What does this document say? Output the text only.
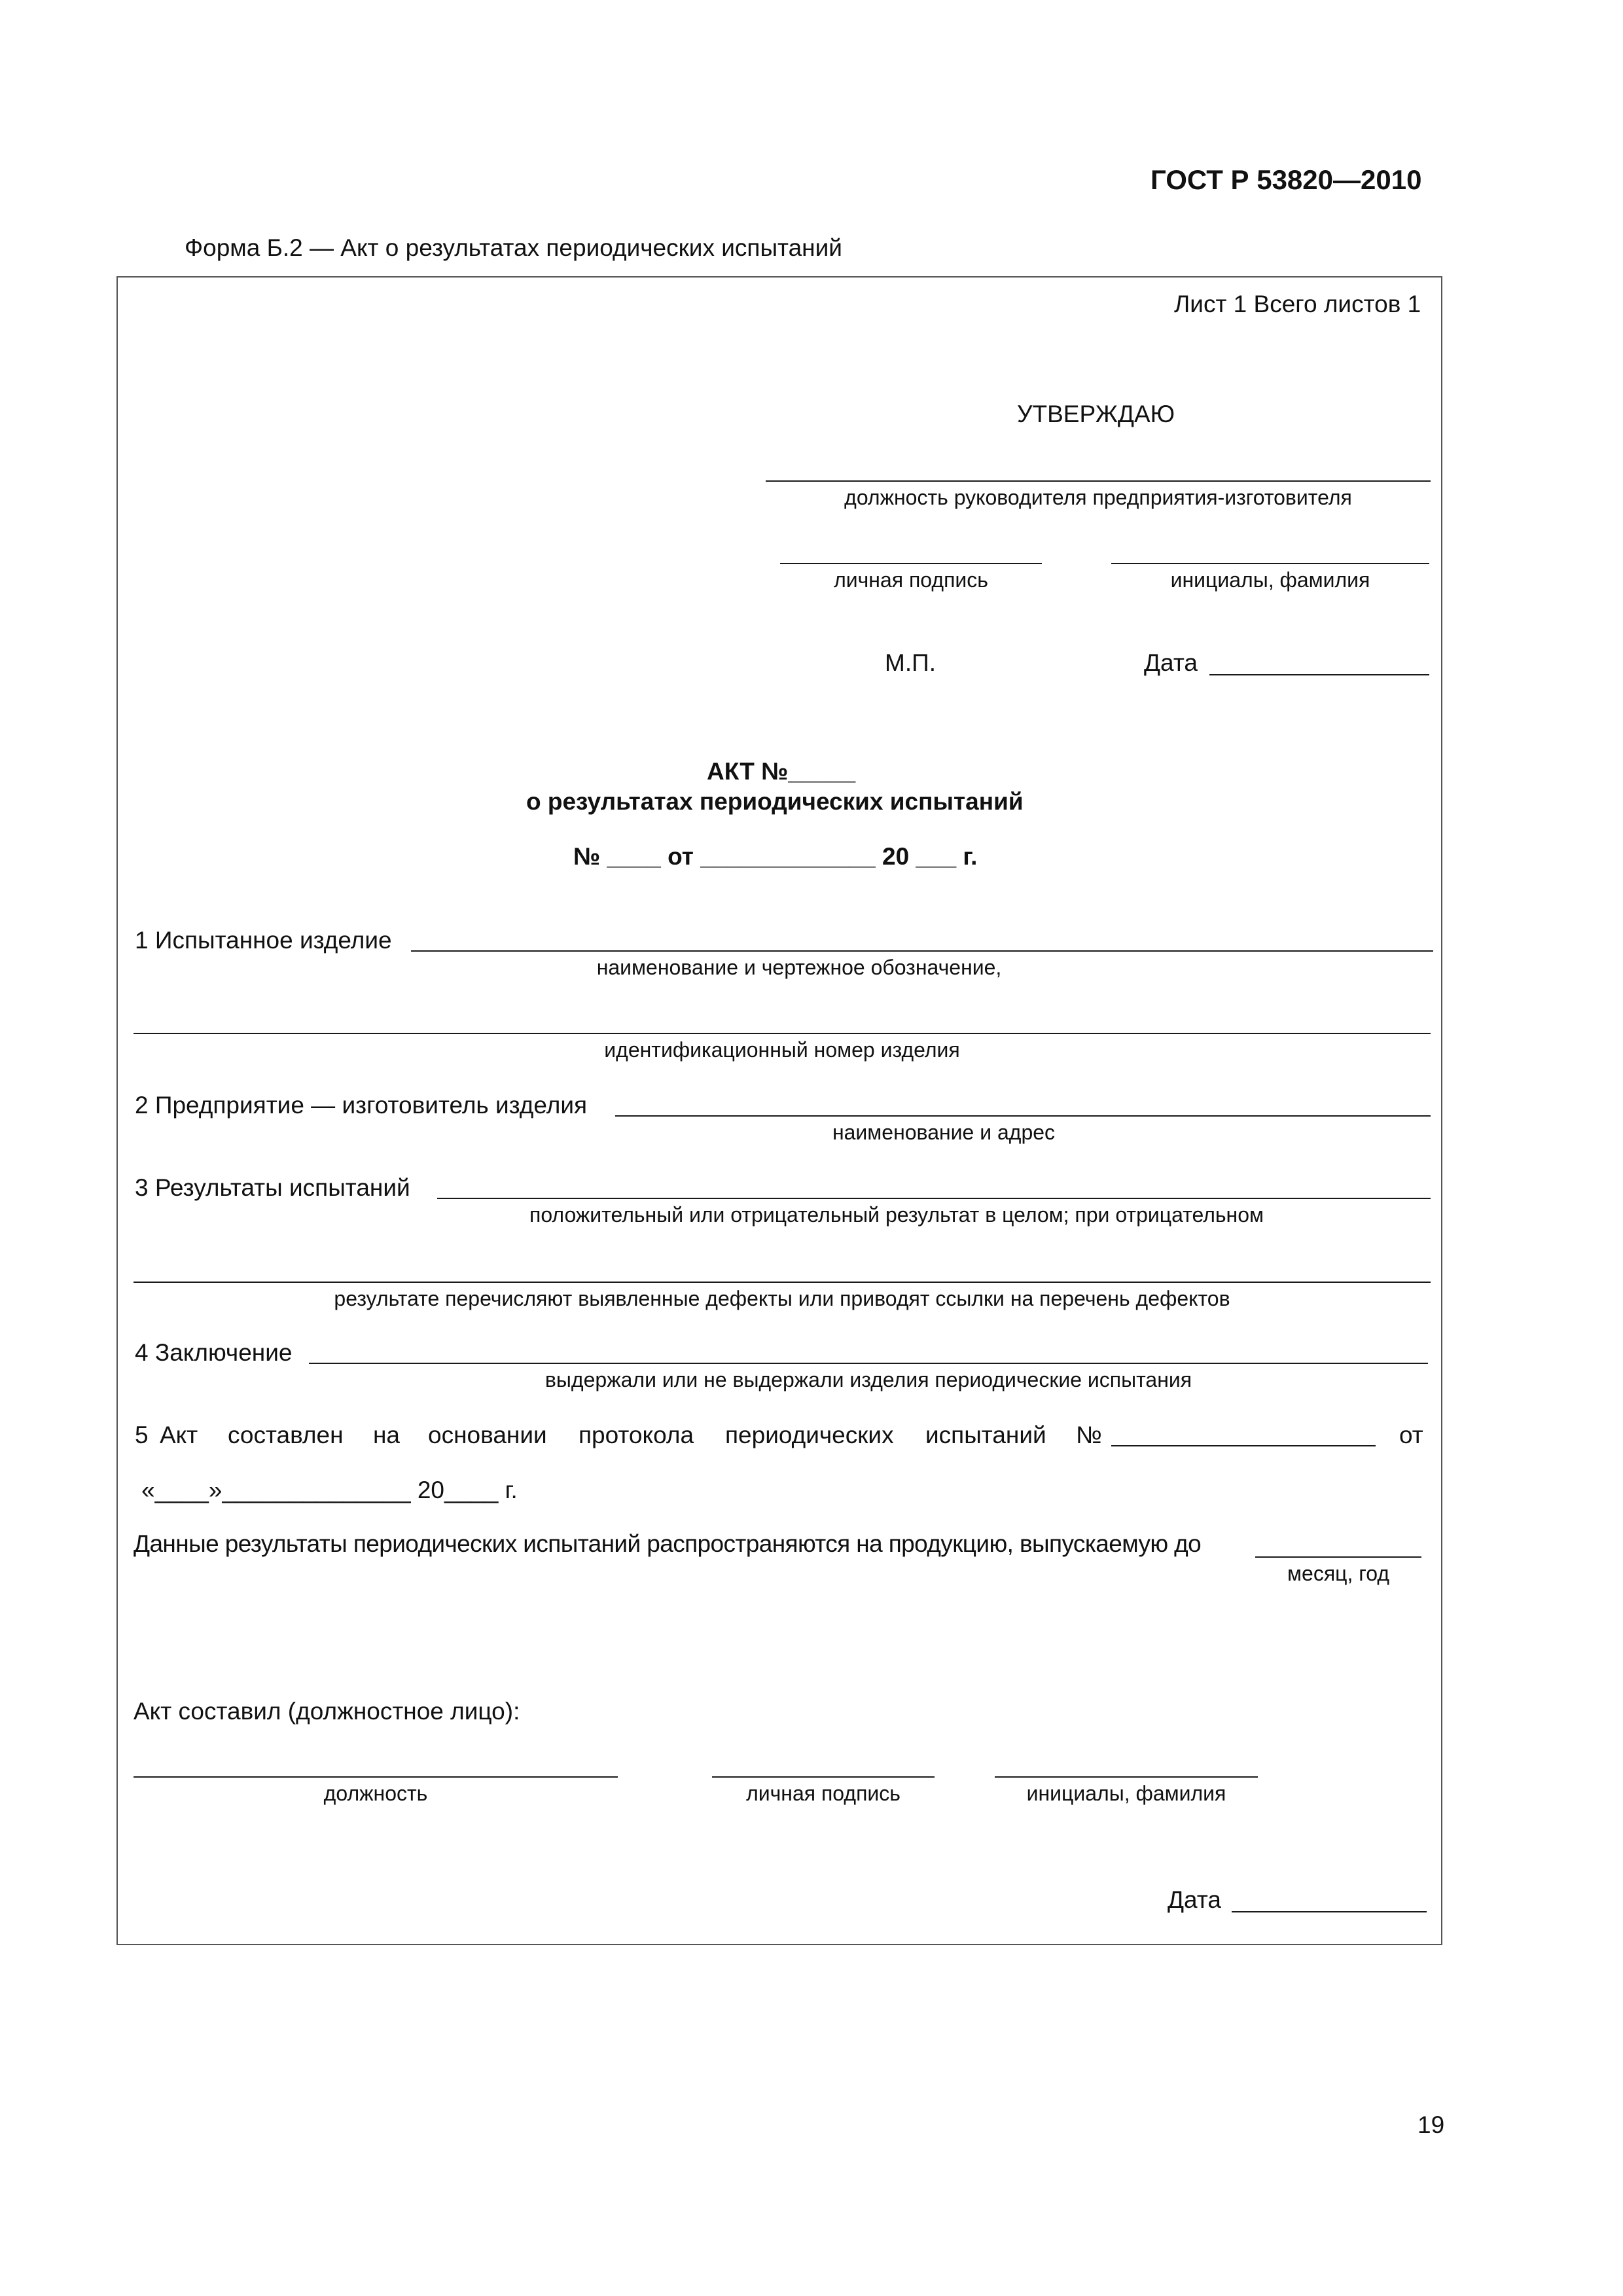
ГОСТ Р 53820—2010
Форма Б.2 — Акт о результатах периодических испытаний
Лист 1 Всего листов 1
УТВЕРЖДАЮ
должность руководителя предприятия-изготовителя
личная подпись	инициалы, фамилия
М.П.	Дата
АКТ №_____
о результатах периодических испытаний
№ ____ от _____________ 20 ___ г.
1 Испытанное изделие
наименование и чертежное обозначение,
идентификационный номер изделия
2 Предприятие — изготовитель изделия
наименование и адрес
3 Результаты испытаний
положительный или отрицательный результат в целом; при отрицательном
результате перечисляют выявленные дефекты или приводят ссылки на перечень дефектов
4 Заключение
выдержали или не выдержали изделия периодические испытания
5 Акт составлен на основании протокола периодических испытаний №	от
«____»______________ 20____ г.
Данные результаты периодических испытаний распространяются на продукцию, выпускаемую до
месяц, год
Акт составил (должностное лицо):
должность	личная подпись	инициалы, фамилия
Дата
19
